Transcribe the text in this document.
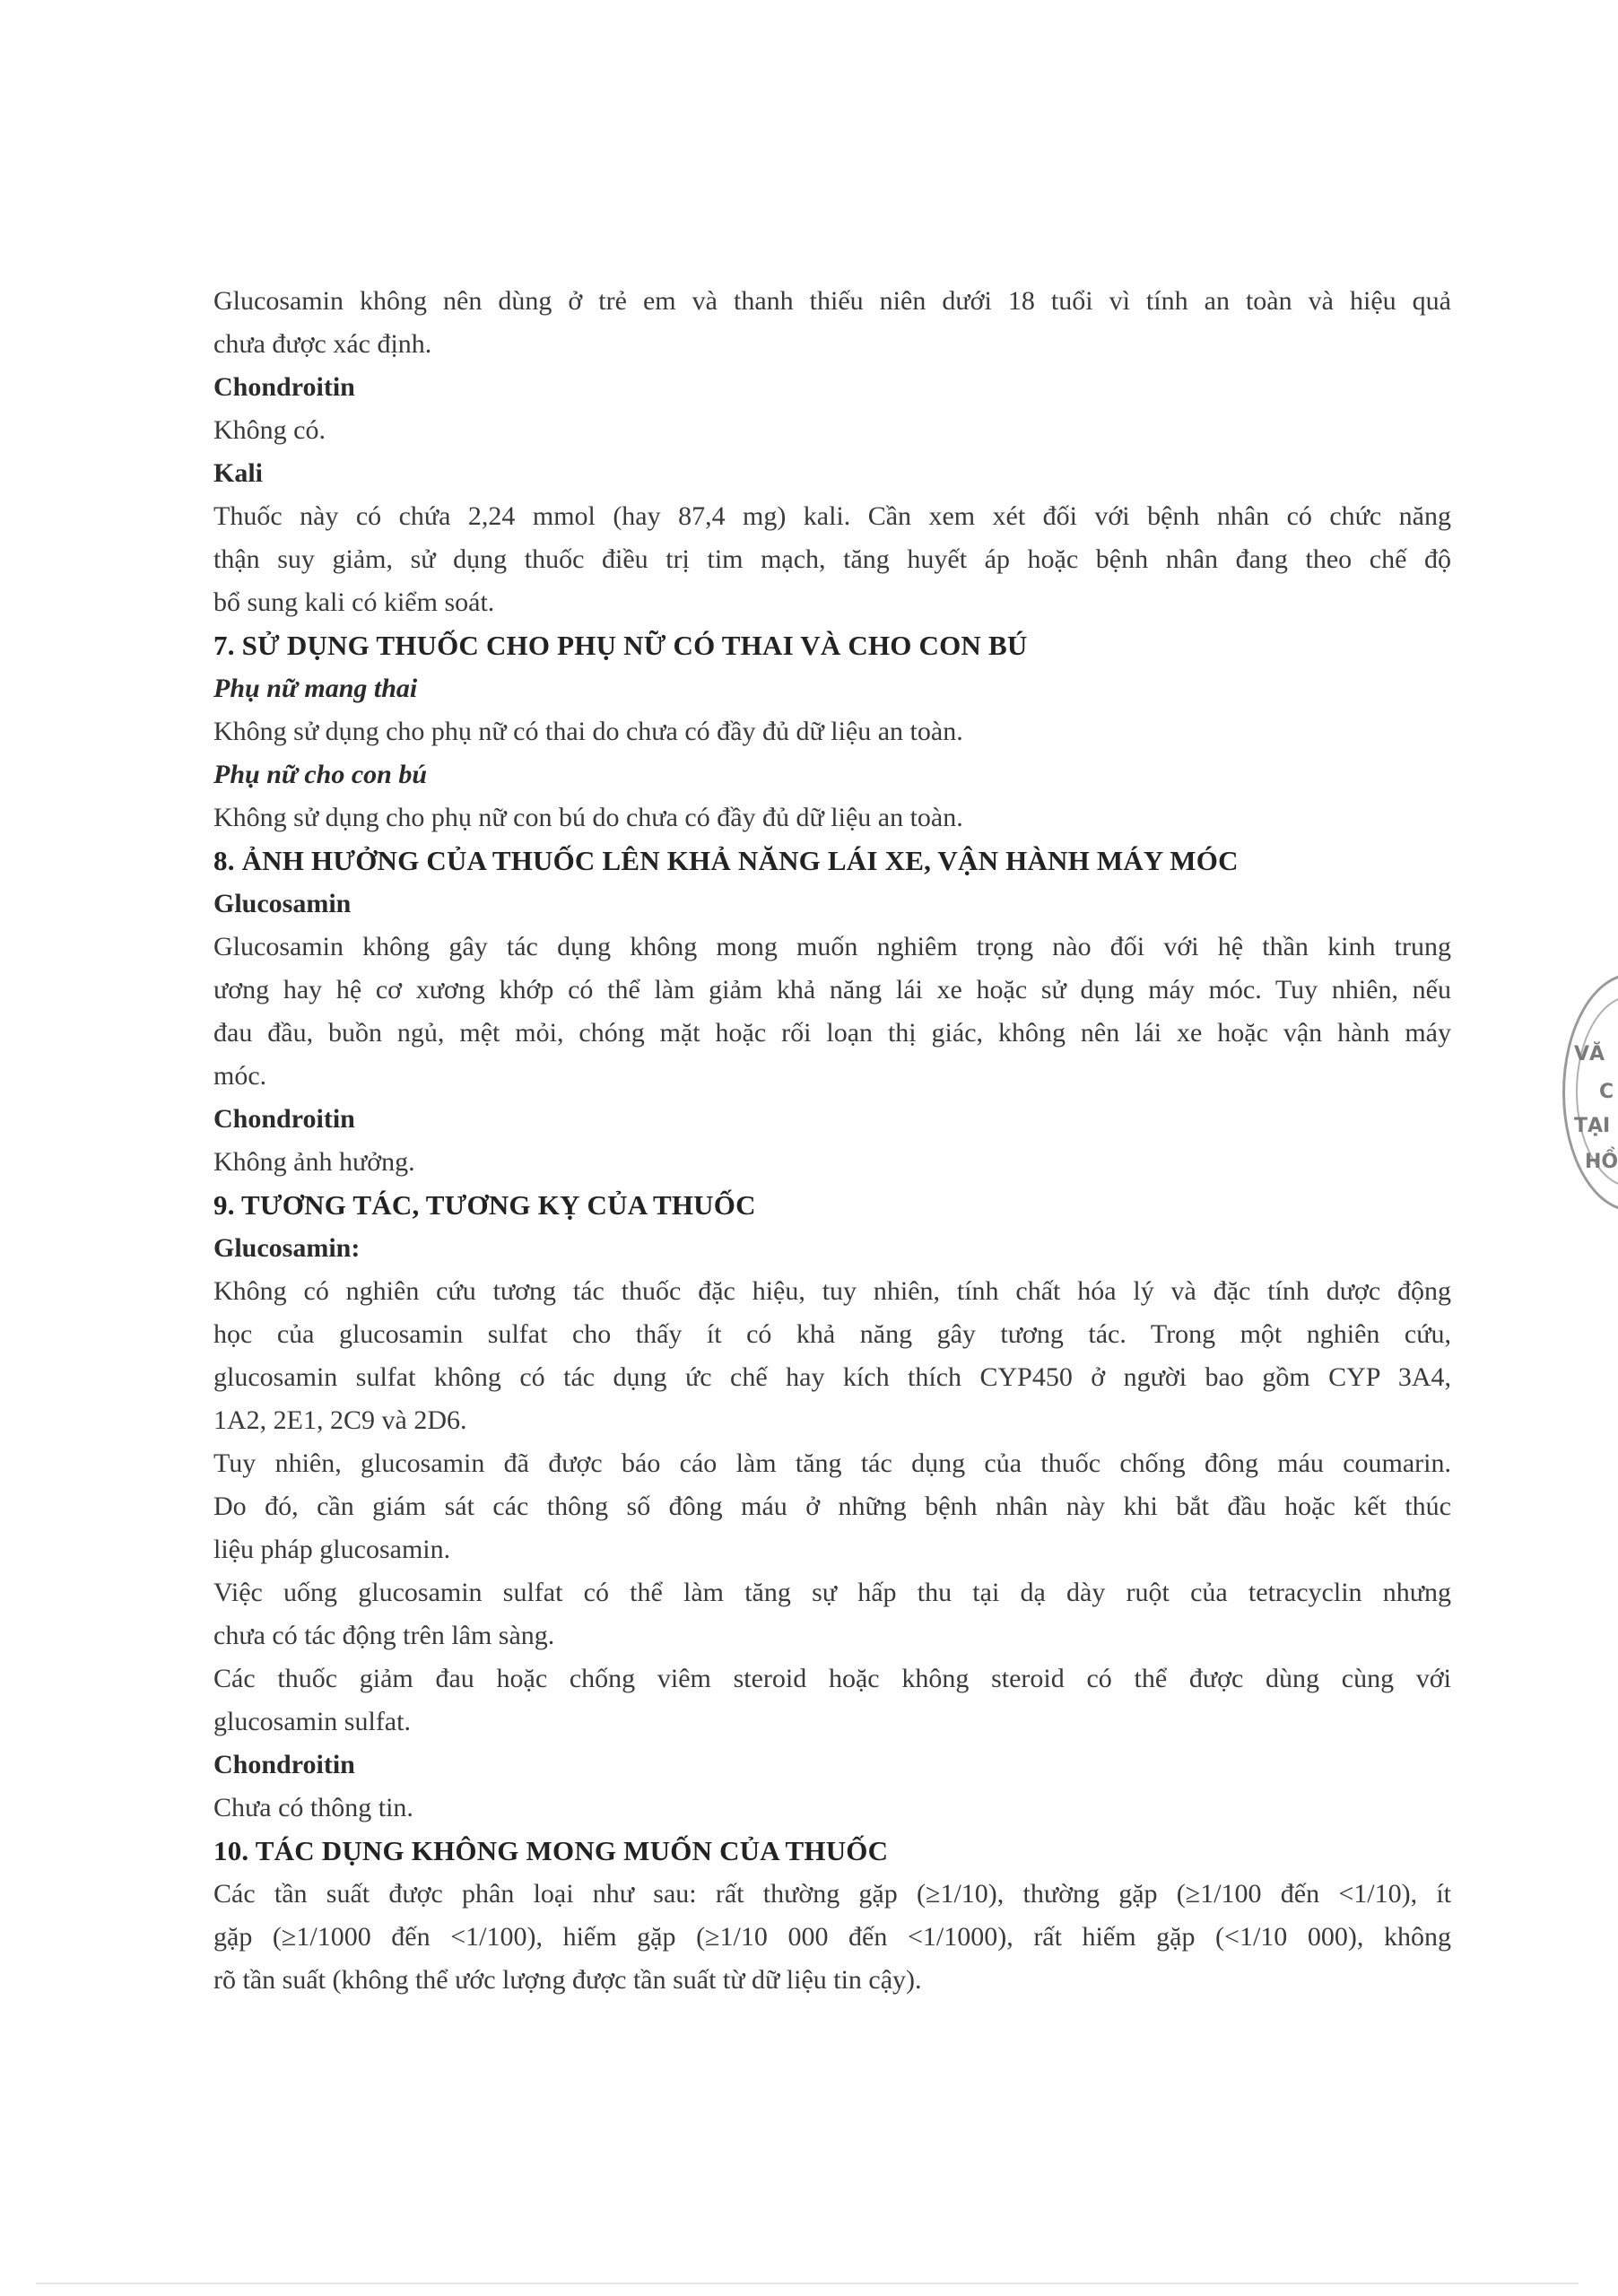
Glucosamin không nên dùng ở trẻ em và thanh thiếu niên dưới 18 tuổi vì tính an toàn và hiệu quả

chưa được xác định.

Chondroitin

Không có.

Kali

Thuốc này có chứa 2,24 mmol (hay 87,4 mg) kali. Cần xem xét đối với bệnh nhân có chức năng

thận suy giảm, sử dụng thuốc điều trị tim mạch, tăng huyết áp hoặc bệnh nhân đang theo chế độ

bổ sung kali có kiểm soát.

7. SỬ DỤNG THUỐC CHO PHỤ NỮ CÓ THAI VÀ CHO CON BÚ

Phụ nữ mang thai

Không sử dụng cho phụ nữ có thai do chưa có đầy đủ dữ liệu an toàn.

Phụ nữ cho con bú

Không sử dụng cho phụ nữ con bú do chưa có đầy đủ dữ liệu an toàn.

8. ẢNH HƯỞNG CỦA THUỐC LÊN KHẢ NĂNG LÁI XE, VẬN HÀNH MÁY MÓC

Glucosamin

Glucosamin không gây tác dụng không mong muốn nghiêm trọng nào đối với hệ thần kinh trung

ương hay hệ cơ xương khớp có thể làm giảm khả năng lái xe hoặc sử dụng máy móc. Tuy nhiên, nếu

đau đầu, buồn ngủ, mệt mỏi, chóng mặt hoặc rối loạn thị giác, không nên lái xe hoặc vận hành máy

móc.

Chondroitin

Không ảnh hưởng.

9. TƯƠNG TÁC, TƯƠNG KỴ CỦA THUỐC

Glucosamin:

Không có nghiên cứu tương tác thuốc đặc hiệu, tuy nhiên, tính chất hóa lý và đặc tính dược động

học của glucosamin sulfat cho thấy ít có khả năng gây tương tác. Trong một nghiên cứu,

glucosamin sulfat không có tác dụng ức chế hay kích thích CYP450 ở người bao gồm CYP 3A4,

1A2, 2E1, 2C9 và 2D6.

Tuy nhiên, glucosamin đã được báo cáo làm tăng tác dụng của thuốc chống đông máu coumarin.

Do đó, cần giám sát các thông số đông máu ở những bệnh nhân này khi bắt đầu hoặc kết thúc

liệu pháp glucosamin.

Việc uống glucosamin sulfat có thể làm tăng sự hấp thu tại dạ dày ruột của tetracyclin nhưng

chưa có tác động trên lâm sàng.

Các thuốc giảm đau hoặc chống viêm steroid hoặc không steroid có thể được dùng cùng với

glucosamin sulfat.

Chondroitin

Chưa có thông tin.

10. TÁC DỤNG KHÔNG MONG MUỐN CỦA THUỐC

Các tần suất được phân loại như sau: rất thường gặp (≥1/10), thường gặp (≥1/100 đến <1/10), ít

gặp (≥1/1000 đến <1/100), hiếm gặp (≥1/10 000 đến <1/1000), rất hiếm gặp (<1/10 000), không

rõ tần suất (không thể ước lượng được tần suất từ dữ liệu tin cậy).

VĂ
C
TẠI
HỒ
